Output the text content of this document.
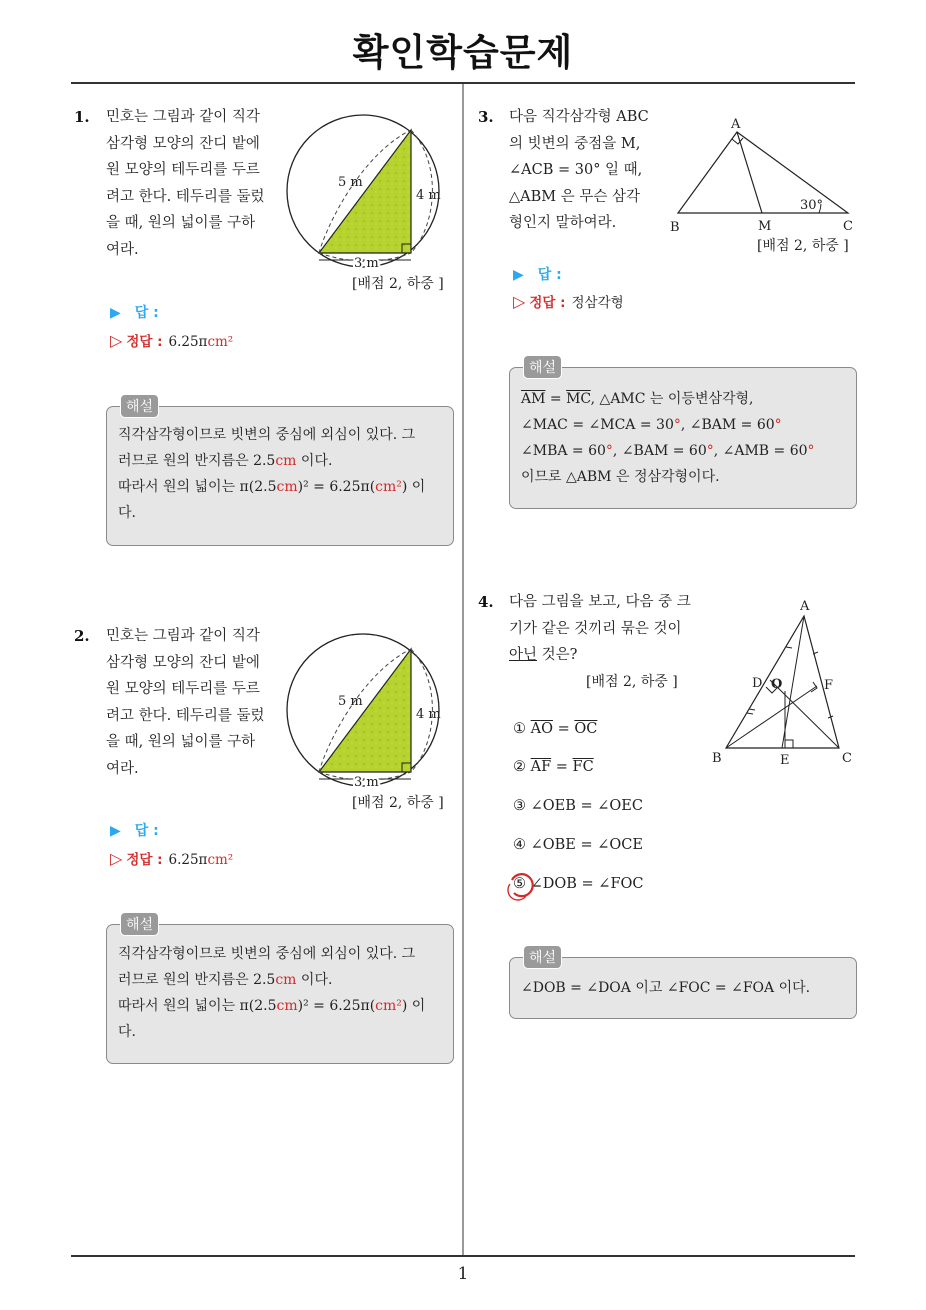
확인학습문제
1. 민호는 그림과 같이 직각
삼각형 모양의 잔디 밭에
원 모양의 테두리를 두르
려고 한다. 테두리를 둘렀
을 때, 원의 넓이를 구하
여라.
5 m
4 m
3 m
[배점 2, 하중 ]
▶ 답 :
▷ 정답 : 6.25πcm²
해설
직각삼각형이므로 빗변의 중심에 외심이 있다. 그
러므로 원의 반지름은 2.5cm 이다.
따라서 원의 넓이는 π(2.5cm)² = 6.25π(cm²) 이
다.
2. 민호는 그림과 같이 직각
삼각형 모양의 잔디 밭에
원 모양의 테두리를 두르
려고 한다. 테두리를 둘렀
을 때, 원의 넓이를 구하
여라.
5 m
4 m
3 m
[배점 2, 하중 ]
▶ 답 :
▷ 정답 : 6.25πcm²
해설
직각삼각형이므로 빗변의 중심에 외심이 있다. 그
러므로 원의 반지름은 2.5cm 이다.
따라서 원의 넓이는 π(2.5cm)² = 6.25π(cm²) 이
다.
3. 다음 직각삼각형 ABC
의 빗변의 중점을 M,
∠ACB = 30° 일 때,
△ABM 은 무슨 삼각
형인지 말하여라.
A
B	M	C
30°
[배점 2, 하중 ]
▶ 답 :
▷ 정답 : 정삼각형
해설
$\overline{AM} = \overline{MC}$, △AMC 는 이등변삼각형,
∠MAC = ∠MCA = 30°, ∠BAM = 60°
∠MBA = 60°, ∠BAM = 60°, ∠AMB = 60°
이므로 △ABM 은 정삼각형이다.
4. 다음 그림을 보고, 다음 중 크
기가 같은 것끼리 묶은 것이
아닌 것은?
[배점 2, 하중 ]
A
B	C
D O	F
E
① $\overline{AO} = \overline{OC}$
② $\overline{AF} = \overline{FC}$
③ ∠OEB = ∠OEC
④ ∠OBE = ∠OCE
⑤ ∠DOB = ∠FOC
해설
∠DOB = ∠DOA 이고 ∠FOC = ∠FOA 이다.
1
